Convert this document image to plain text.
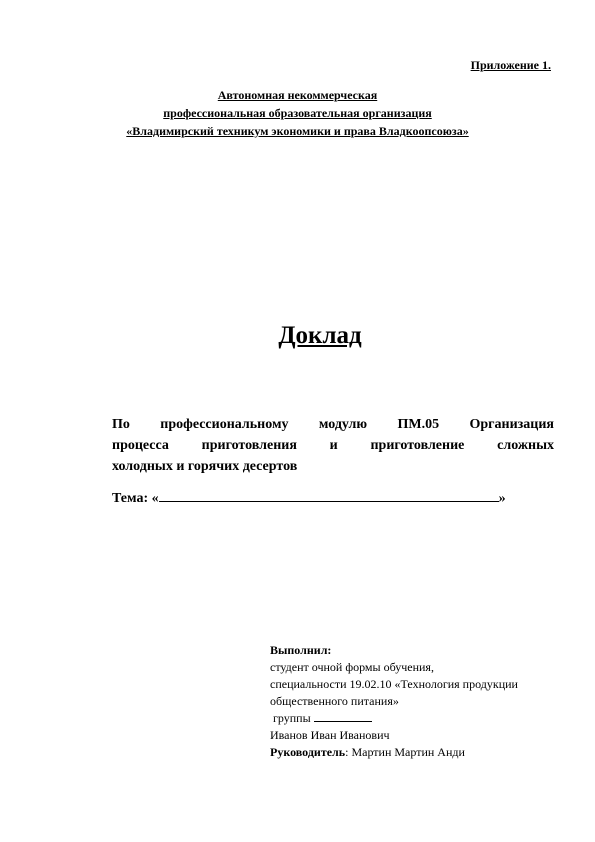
Приложение 1.
Автономная некоммерческая
профессиональная образовательная организация
«Владимирский техникум экономики и права Владкоопсоюза»
Доклад
По профессиональному модулю ПМ.05 Организация
процесса приготовления и приготовление сложных
холодных и горячих десертов
Тема: «	»
Выполнил:
студент очной формы обучения,
специальности 19.02.10 «Технология продукции
общественного питания»
группы
Иванов Иван Иванович
Руководитель: Мартин Мартин Анди
